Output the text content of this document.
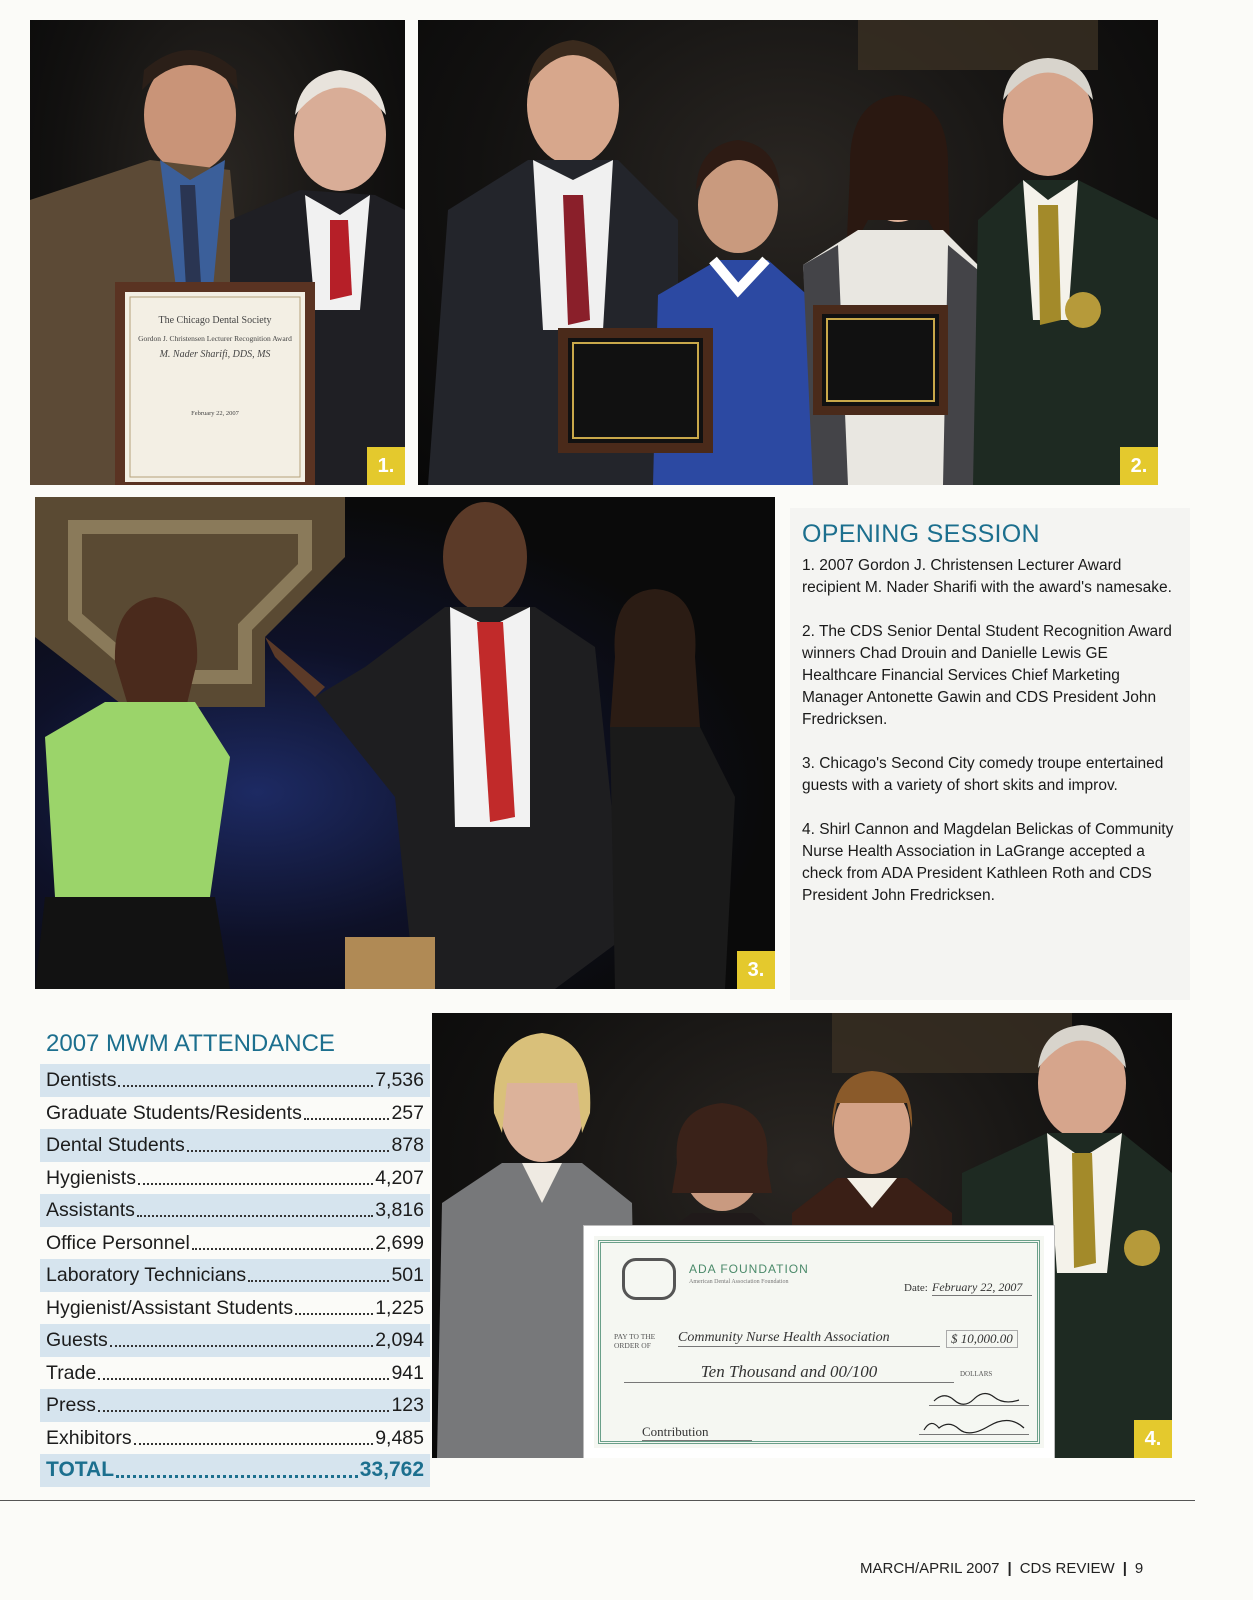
The Chicago Dental Society
Gordon J. Christensen Lecturer Recognition Award
M. Nader Sharifi, DDS, MS
February 22, 2007
1.	2.
3.
OPENING SESSION

1. 2007 Gordon J. Christensen Lecturer Award recipient M. Nader Sharifi with the award's namesake.

2. The CDS Senior Dental Student Recognition Award winners Chad Drouin and Danielle Lewis GE Healthcare Financial Services Chief Marketing Manager Antonette Gawin and CDS President John Fredricksen.

3. Chicago's Second City comedy troupe entertained guests with a variety of short skits and improv.

4. Shirl Cannon and Magdelan Belickas of Community Nurse Health Association in LaGrange accepted a check from ADA President Kathleen Roth and CDS President John Fredricksen.

2007 MWM ATTENDANCE
Dentists	7,536
Graduate Students/Residents	257
Dental Students	878
Hygienists	4,207
Assistants	3,816
Office Personnel	2,699
Laboratory Technicians	501
Hygienist/Assistant Students	1,225
Guests	2,094
Trade	941
Press	123
Exhibitors	9,485
TOTAL	33,762
ADA FOUNDATION
American Dental Association Foundation	Date: February 22, 2007
PAY TO THE ORDER OF
Community Nurse Health Association	$ 10,000.00
Ten Thousand and 00/100	DOLLARS
Contribution	4.
MARCH/APRIL 2007 | CDS REVIEW | 9
